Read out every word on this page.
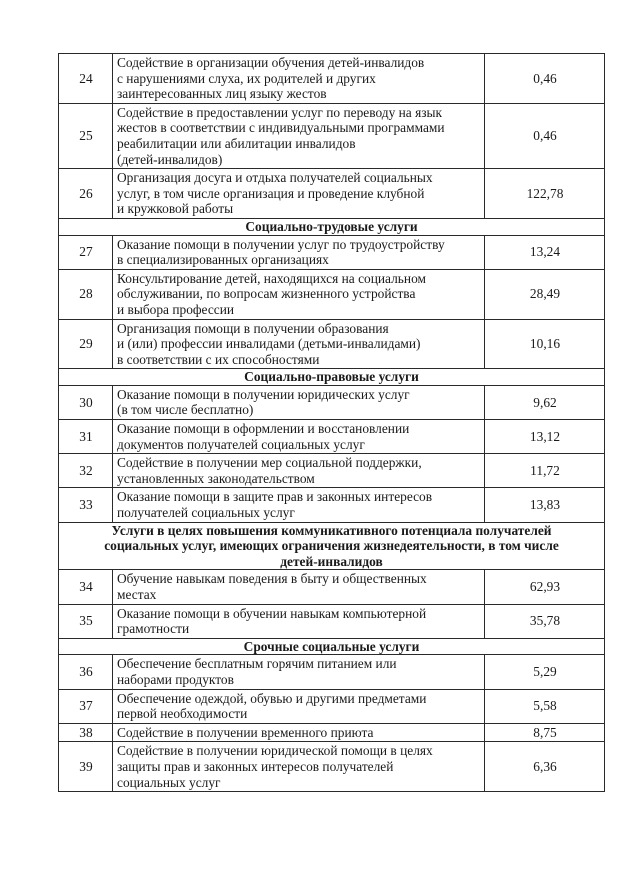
24	Содействие в организации обучения детей-инвалидов
с нарушениями слуха, их родителей и других
заинтересованных лиц языку жестов	0,46
25	Содействие в предоставлении услуг по переводу на язык
жестов в соответствии с индивидуальными программами
реабилитации или абилитации инвалидов
(детей-инвалидов)	0,46
26	Организация досуга и отдыха получателей социальных
услуг, в том числе организация и проведение клубной
и кружковой работы	122,78
Социально-трудовые услуги		
27	Оказание помощи в получении услуг по трудоустройству
в специализированных организациях	13,24
28	Консультирование детей, находящихся на социальном
обслуживании, по вопросам жизненного устройства
и выбора профессии	28,49
29	Организация помощи в получении образования
и (или) профессии инвалидами (детьми-инвалидами)
в соответствии с их способностями	10,16
Социально-правовые услуги		
30	Оказание помощи в получении юридических услуг
(в том числе бесплатно)	9,62
31	Оказание помощи в оформлении и восстановлении
документов получателей социальных услуг	13,12
32	Содействие в получении мер социальной поддержки,
установленных законодательством	11,72
33	Оказание помощи в защите прав и законных интересов
получателей социальных услуг	13,83
Услуги в целях повышения коммуникативного потенциала получателей
социальных услуг, имеющих ограничения жизнедеятельности, в том числе
детей-инвалидов		
34	Обучение навыкам поведения в быту и общественных
местах	62,93
35	Оказание помощи в обучении навыкам компьютерной
грамотности	35,78
Срочные социальные услуги		
36	Обеспечение бесплатным горячим питанием или
наборами продуктов	5,29
37	Обеспечение одеждой, обувью и другими предметами
первой необходимости	5,58
38	Содействие в получении временного приюта	8,75
39	Содействие в получении юридической помощи в целях
защиты прав и законных интересов получателей
социальных услуг	6,36
